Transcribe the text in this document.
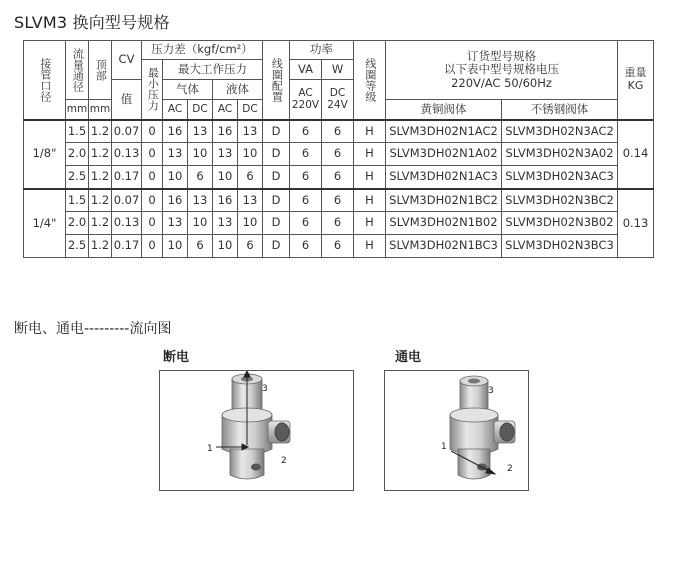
SLVM3 换向型号规格
接管口径	流量通径	顶部	CV	压力差（kgf/cm²）					线圈配置	功率		线圈等级	订货型号规格
以下表中型号规格电压
220V/AC 50/60Hz		重量KG
				最小压力	最大工作压力					VA	W				
			值		气体		液体			AC 220V	DC 24V				
	mm	mm			AC	DC	AC	DC					黄铜阀体	不锈钢阀体	
1/8"	1.5	1.2	0.07	0	16	13	16	13	D	6	6	H	SLVM3DH02N1AC2	SLVM3DH02N3AC2	0.14
	2.0	1.2	0.13	0	13	10	13	10	D	6	6	H	SLVM3DH02N1A02	SLVM3DH02N3A02	
	2.5	1.2	0.17	0	10	6	10	6	D	6	6	H	SLVM3DH02N1AC3	SLVM3DH02N3AC3	
1/4"	1.5	1.2	0.07	0	16	13	16	13	D	6	6	H	SLVM3DH02N1BC2	SLVM3DH02N3BC2	0.13
	2.0	1.2	0.13	0	13	10	13	10	D	6	6	H	SLVM3DH02N1B02	SLVM3DH02N3B02	
	2.5	1.2	0.17	0	10	6	10	6	D	6	6	H	SLVM3DH02N1BC3	SLVM3DH02N3BC3	
断电、通电---------流向图
断电	通电
3
1
2
3
1
2
